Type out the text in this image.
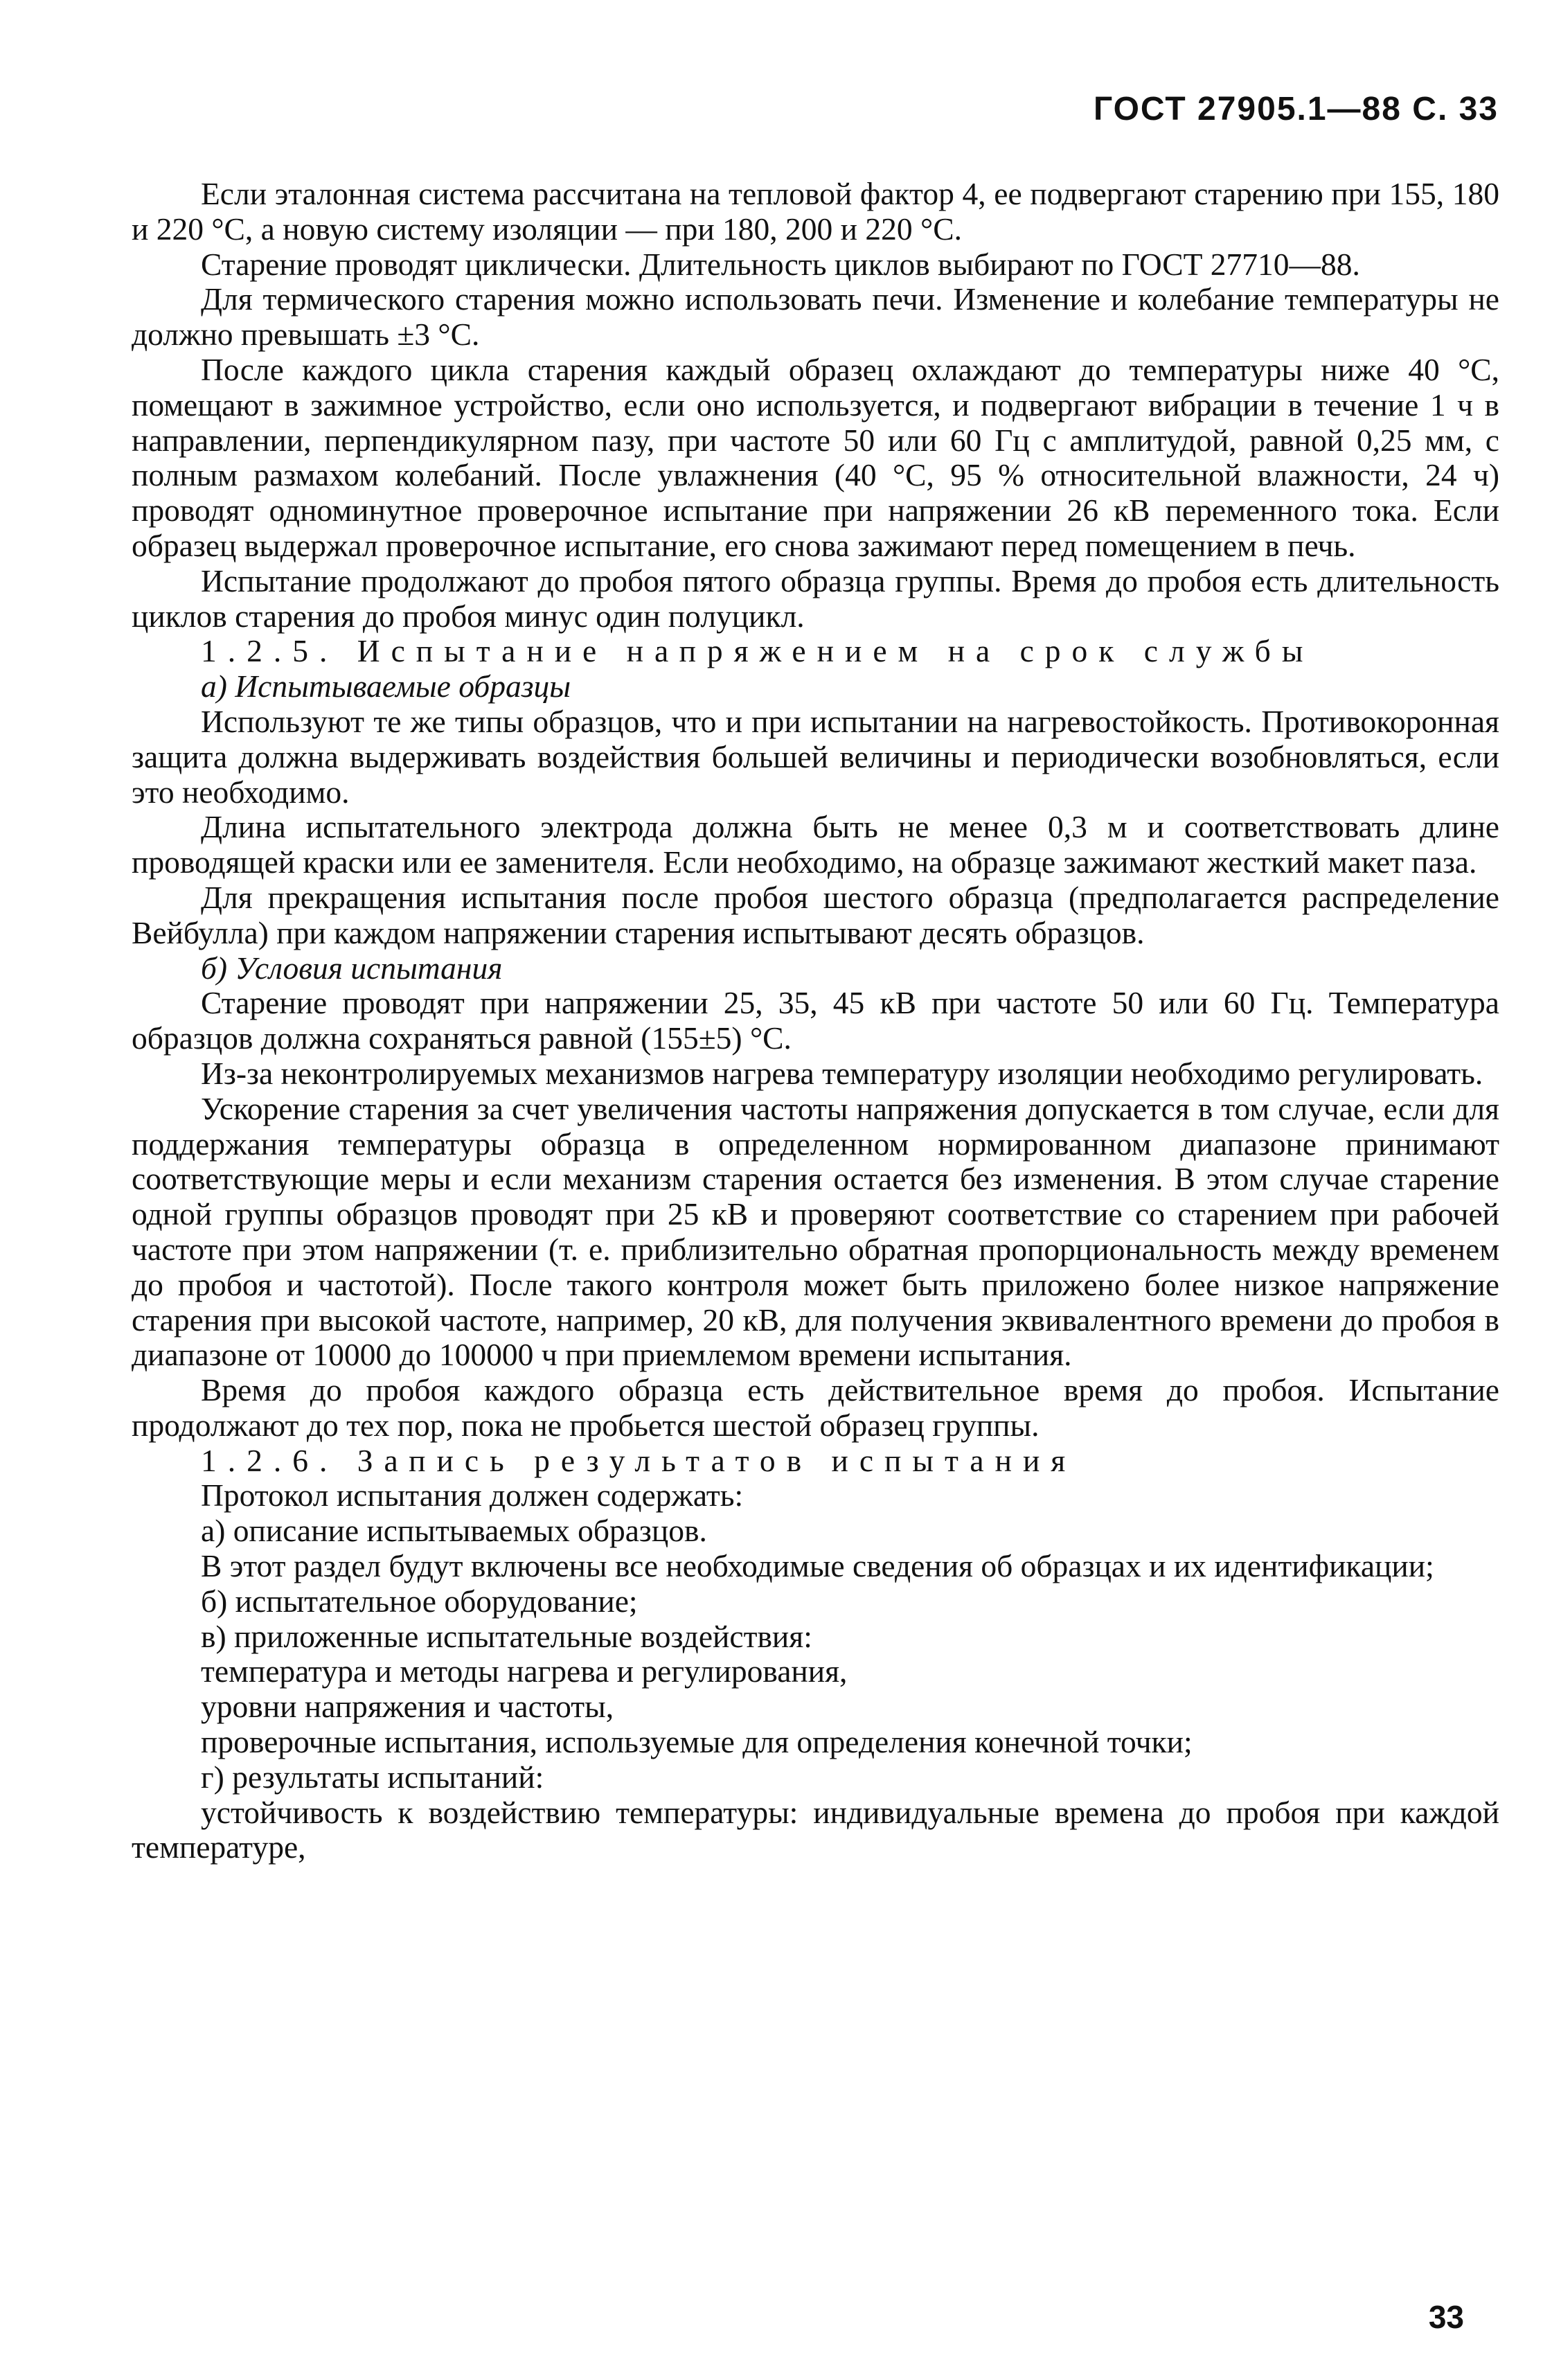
ГОСТ 27905.1—88 С. 33

Если эталонная система рассчитана на тепловой фактор 4, ее подвергают старению при 155, 180 и 220 °С, а новую систему изоляции — при 180, 200 и 220 °С.

Старение проводят циклически. Длительность циклов выбирают по ГОСТ 27710—88.

Для термического старения можно использовать печи. Изменение и колебание температуры не должно превышать ±3 °С.

После каждого цикла старения каждый образец охлаждают до температуры ниже 40 °С, помещают в зажимное устройство, если оно используется, и подвергают вибрации в течение 1 ч в направлении, перпендикулярном пазу, при частоте 50 или 60 Гц с амплитудой, равной 0,25 мм, с полным размахом колебаний. После увлажнения (40 °С, 95 % относительной влажности, 24 ч) проводят одноминутное проверочное испытание при напряжении 26 кВ переменного тока. Если образец выдержал проверочное испытание, его снова зажимают перед помещением в печь.

Испытание продолжают до пробоя пятого образца группы. Время до пробоя есть длительность циклов старения до пробоя минус один полуцикл.

1.2.5. Испытание напряжением на срок службы

а) Испытываемые образцы

Используют те же типы образцов, что и при испытании на нагревостойкость. Противокоронная защита должна выдерживать воздействия большей величины и периодически возобновляться, если это необходимо.

Длина испытательного электрода должна быть не менее 0,3 м и соответствовать длине проводящей краски или ее заменителя. Если необходимо, на образце зажимают жесткий макет паза.

Для прекращения испытания после пробоя шестого образца (предполагается распределение Вейбулла) при каждом напряжении старения испытывают десять образцов.

б) Условия испытания

Старение проводят при напряжении 25, 35, 45 кВ при частоте 50 или 60 Гц. Температура образцов должна сохраняться равной (155±5) °С.

Из-за неконтролируемых механизмов нагрева температуру изоляции необходимо регулировать.

Ускорение старения за счет увеличения частоты напряжения допускается в том случае, если для поддержания температуры образца в определенном нормированном диапазоне принимают соответствующие меры и если механизм старения остается без изменения. В этом случае старение одной группы образцов проводят при 25 кВ и проверяют соответствие со старением при рабочей частоте при этом напряжении (т. е. приблизительно обратная пропорциональность между временем до пробоя и частотой). После такого контроля может быть приложено более низкое напряжение старения при высокой частоте, например, 20 кВ, для получения эквивалентного времени до пробоя в диапазоне от 10000 до 100000 ч при приемлемом времени испытания.

Время до пробоя каждого образца есть действительное время до пробоя. Испытание продолжают до тех пор, пока не пробьется шестой образец группы.

1.2.6. Запись результатов испытания

Протокол испытания должен содержать:

а) описание испытываемых образцов.

В этот раздел будут включены все необходимые сведения об образцах и их идентификации;

б) испытательное оборудование;

в) приложенные испытательные воздействия:

температура и методы нагрева и регулирования,

уровни напряжения и частоты,

проверочные испытания, используемые для определения конечной точки;

г) результаты испытаний:

устойчивость к воздействию температуры: индивидуальные времена до пробоя при каждой температуре,

33
